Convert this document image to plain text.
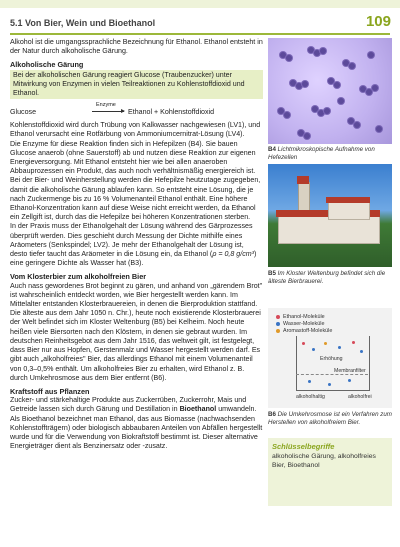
5.1 Von Bier, Wein und Bioethanol	109

Alkohol ist die umgangssprachliche Bezeichnung für Ethanol. Ethanol entsteht in der Natur durch alkoholische Gärung.

Alkoholische Gärung

Bei der alkoholischen Gärung reagiert Glucose (Traubenzucker) unter Mitwirkung von Enzymen in vielen Teilreaktionen zu Kohlenstoffdioxid und Ethanol.

Glucose
Enzyme
Ethanol + Kohlenstoffdioxid

Kohlenstoffdioxid wird durch Trübung von Kalkwasser nachgewiesen (LV1), und Ethanol verursacht eine Rotfärbung von Ammoniumcernitrat-Lösung (LV4).

Die Enzyme für diese Reaktion finden sich in Hefepilzen (B4). Sie bauen Glucose anaerob (ohne Sauerstoff) ab und nutzen diese Reaktion zur eigenen Energieversorgung. Mit Ethanol entsteht hier wie bei allen anaeroben Abbauprozessen ein Produkt, das auch noch verhältnismäßig energiereich ist.

Bei der Bier- und Weinherstellung werden die Hefepilze heutzutage zugegeben, damit die alkoholische Gärung ablaufen kann. So entsteht eine Lösung, die je nach Zuckermenge bis zu 16 % Volumenanteil Ethanol enthält. Eine höhere Ethanol-Konzentration kann auf diese Weise nicht erreicht werden, da Ethanol ein Zellgift ist, durch das die Hefepilze bei höheren Konzentrationen sterben.

In der Praxis muss der Ethanolgehalt der Lösung während des Gärprozesses überprüft werden. Dies geschieht durch Messung der Dichte mithilfe eines Aräometers (Senkspindel; LV2). Je mehr der Ethanolgehalt der Lösung ist, desto tiefer taucht das Aräometer in die Lösung ein, da Ethanol (ρ = 0,8 g/cm³) eine geringere Dichte als Wasser hat (B3).

Vom Klosterbier zum alkoholfreien Bier

Auch nass gewordenes Brot beginnt zu gären, und anhand von „gärendem Brot" ist wahrscheinlich entdeckt worden, wie Bier hergestellt werden kann. Im Mittelalter entstanden Klosterbrauereien, in denen die Bierproduktion stattfand. Die älteste aus dem Jahr 1050 n. Chr.), heute noch existierende Klosterbrauerei der Welt befindet sich im Kloster Weltenburg (B5) bei Kelheim. Noch heute heißen viele Biersorten nach den Klöstern, in denen sie gebraut wurden. Im deutschen Reinheitsgebot aus dem Jahr 1516, das weltweit gilt, ist festgelegt, dass Bier nur aus Hopfen, Gerstenmalz und Wasser hergestellt werden darf. Es gibt auch „alkoholfreies" Bier, das allerdings Ethanol mit einem Volumenanteil von 0,3–0,5% enthält. Um alkoholfreies Bier zu erhalten, wird Ethanol z. B. durch Umkehrosmose aus dem Bier entfernt (B6).

Kraftstoff aus Pflanzen

Zucker- und stärkehaltige Produkte aus Zuckerrüben, Zuckerrohr, Mais und Getreide lassen sich durch Gärung und Destillation in Bioethanol umwandeln. Als Bioethanol bezeichnet man Ethanol, das aus Biomasse (nachwachsenden Kohlenstoffträgern) oder biologisch abbaubaren Anteilen von Abfällen hergestellt wurde und für die Verwendung von Biokraftstoff bestimmt ist. Dieser alternative Energieträger dient als Benzinersatz oder -zusatz.

B4 Lichtmikroskopische Aufnahme von Hefezellen
B5 Im Kloster Weltenburg befindet sich die älteste Bierbrauerei.
Ethanol-Moleküle
Wasser-Moleküle
Aromastoff-Moleküle
Erhöhung
Membranfilter
alkoholhaltig	alkoholfrei
B6 Die Umkehrosmose ist ein Verfahren zum Herstellen von alkoholfreiem Bier.
Schlüsselbegriffe
alkoholische Gärung, alkoholfreies Bier, Bioethanol
